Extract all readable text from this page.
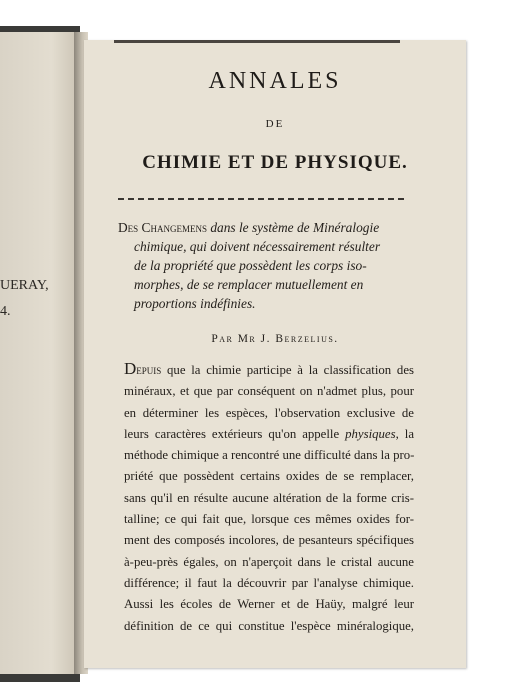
UERAY,
4.
ANNALES
DE
CHIMIE ET DE PHYSIQUE.
Des Changemens dans le système de Minéralogie
chimique, qui doivent nécessairement résulter
de la propriété que possèdent les corps iso-
morphes, de se remplacer mutuellement en
proportions indéfinies.
Par Mr J. Berzelius.
Depuis que la chimie participe à la classification des
minéraux, et que par conséquent on n'admet plus, pour
en déterminer les espèces, l'observation exclusive de
leurs caractères extérieurs qu'on appelle physiques, la
méthode chimique a rencontré une difficulté dans la pro-
priété que possèdent certains oxides de se remplacer,
sans qu'il en résulte aucune altération de la forme cris-
talline; ce qui fait que, lorsque ces mêmes oxides for-
ment des composés incolores, de pesanteurs spécifiques
à-peu-près égales, on n'aperçoit dans le cristal aucune
différence; il faut la découvrir par l'analyse chimique.
Aussi les écoles de Werner et de Haüy, malgré leur
définition de ce qui constitue l'espèce minéralogique,
